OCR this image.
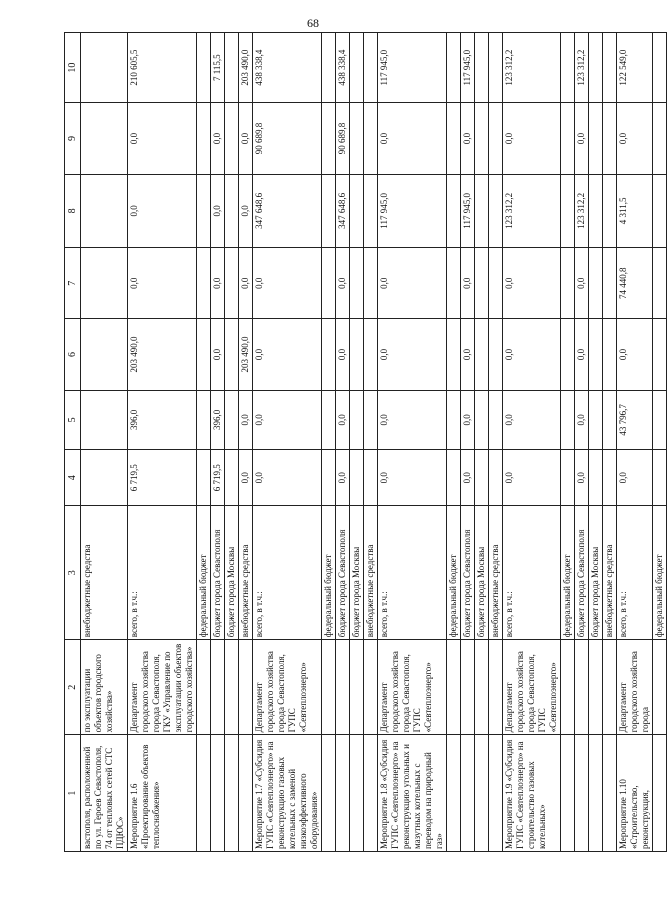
68
1	2	3	4	5	6	7	8	9	10
вастополя, расположенной по ул. Героев Севастополя, 74 от тепловых сетей СТС ПДЮС»	по эксплуатации объектов городского хозяйства»	внебюджетные средства							
Мероприятие 1.6 «Проектирование объектов теплоснабжения»	Департамент городского хозяйства города Севастополя, ГКУ «Управление по эксплуатации объектов городского хозяйства»	всего, в т.ч.:	6 719,5	396,0	203 490,0	0,0	0,0	0,0	210 605,5
		федеральный бюджет							
		бюджет города Севастополя	6 719,5	396,0	0,0	0,0	0,0	0,0	7 115,5
		бюджет города Москвы							
		внебюджетные средства	0,0	0,0	203 490,0	0,0	0,0	0,0	203 490,0
Мероприятие 1.7 «Субсидия ГУПС «Севтеплоэнерго» на реконструкцию газовых котельных с заменой низкоэффективного оборудования»	Департамент городского хозяйства города Севастополя, ГУПС «Севтеплоэнерго»	всего, в т.ч.:	0,0	0,0	0,0	0,0	347 648,6	90 689,8	438 338,4
		федеральный бюджет							
		бюджет города Севастополя	0,0	0,0	0,0	0,0	347 648,6	90 689,8	438 338,4
		бюджет города Москвы							
		внебюджетные средства							
Мероприятие 1.8 «Субсидия ГУПС «Севтеплоэнерго» на реконструкцию угольных и мазутных котельных с переводом на природный газ»	Департамент городского хозяйства города Севастополя, ГУПС «Севтеплоэнерго»	всего, в т.ч.:	0,0	0,0	0,0	0,0	117 945,0	0,0	117 945,0
		федеральный бюджет							
		бюджет города Севастополя	0,0	0,0	0,0	0,0	117 945,0	0,0	117 945,0
		бюджет города Москвы							
		внебюджетные средства							
Мероприятие 1.9 «Субсидия ГУПС «Севтеплоэнерго» на строительство газовых котельных»	Департамент городского хозяйства города Севастополя, ГУПС «Севтеплоэнерго»	всего, в т.ч.:	0,0	0,0	0,0	0,0	123 312,2	0,0	123 312,2
		федеральный бюджет							
		бюджет города Севастополя	0,0	0,0	0,0	0,0	123 312,2	0,0	123 312,2
		бюджет города Москвы							
		внебюджетные средства							
Мероприятие 1.10 «Строительство, реконструкция,	Департамент городского хозяйства города	всего, в т.ч.:	0,0	43 796,7	0,0	74 440,8	4 311,5	0,0	122 549,0
		федеральный бюджет							
